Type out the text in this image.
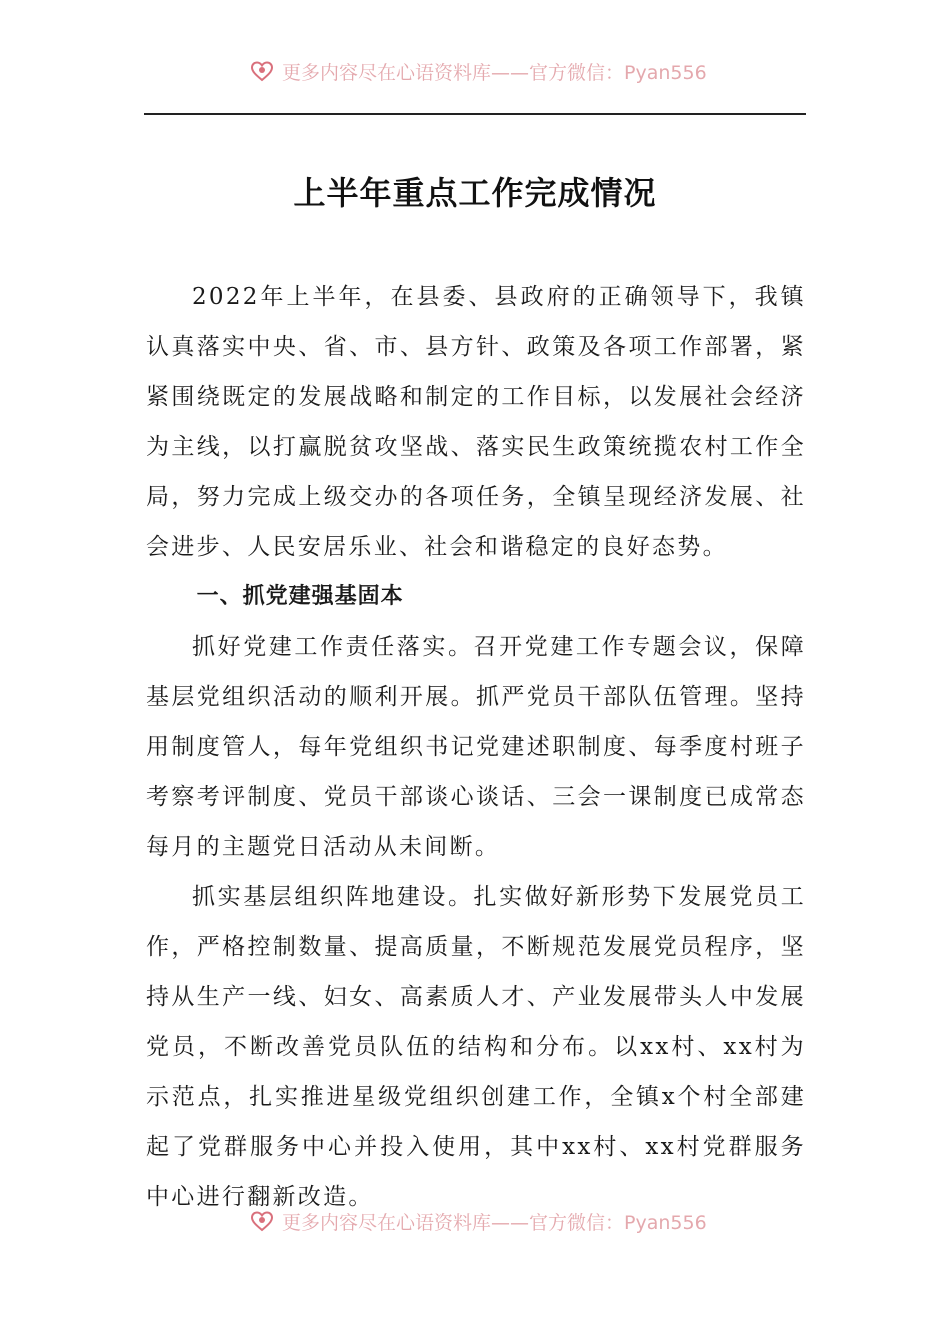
更多内容尽在心语资料库——官方微信：Pyan556
上半年重点工作完成情况

2022年上半年，在县委、县政府的正确领导下，我镇认真落实中央、省、市、县方针、政策及各项工作部署，紧紧围绕既定的发展战略和制定的工作目标，以发展社会经济为主线，以打赢脱贫攻坚战、落实民生政策统揽农村工作全局，努力完成上级交办的各项任务，全镇呈现经济发展、社会进步、人民安居乐业、社会和谐稳定的良好态势。

一、抓党建强基固本

抓好党建工作责任落实。召开党建工作专题会议，保障基层党组织活动的顺利开展。抓严党员干部队伍管理。坚持用制度管人，每年党组织书记党建述职制度、每季度村班子考察考评制度、党员干部谈心谈话、三会一课制度已成常态每月的主题党日活动从未间断。

抓实基层组织阵地建设。扎实做好新形势下发展党员工作，严格控制数量、提高质量，不断规范发展党员程序，坚持从生产一线、妇女、高素质人才、产业发展带头人中发展党员，不断改善党员队伍的结构和分布。以xx村、xx村为示范点，扎实推进星级党组织创建工作，全镇x个村全部建起了党群服务中心并投入使用，其中xx村、xx村党群服务中心进行翻新改造。

更多内容尽在心语资料库——官方微信：Pyan556
